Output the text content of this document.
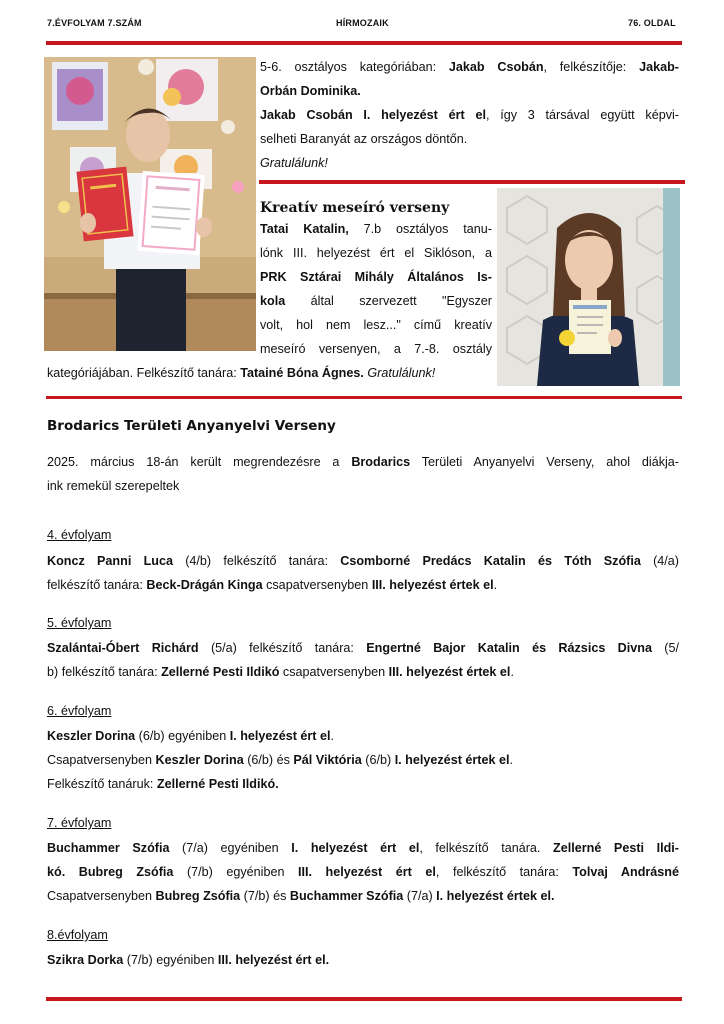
7.ÉVFOLYAM 7.SZÁM	HÍRMOZAIK	76. OLDAL

5-6. osztályos kategóriában: Jakab Csobán, felkészítője: Jakab-

Orbán Dominika.

Jakab Csobán I. helyezést ért el, így 3 társával együtt képvi-

selheti Baranyát az országos döntőn.

Gratulálunk!

Kreatív meseíró verseny

Tatai Katalin, 7.b osztályos tanu-

lónk III. helyezést ért el Siklóson, a

PRK Sztárai Mihály Általános Is-

kola által szervezett "Egyszer

volt, hol nem lesz..." című kreatív

meseíró versenyen, a 7.-8. osztály

kategóriájában. Felkészítő tanára: Tatainé Bóna Ágnes. Gratulálunk!

Brodarics Területi Anyanyelvi Verseny

2025. március 18-án került megrendezésre a Brodarics Területi Anyanyelvi Verseny, ahol diákja-

ink remekül szerepeltek

4. évfolyam

Koncz Panni Luca (4/b) felkészítő tanára: Csomborné Predács Katalin és Tóth Szófia (4/a)

felkészítő tanára: Beck-Drágán Kinga csapatversenyben III. helyezést értek el.

5. évfolyam

Szalántai-Óbert Richárd (5/a) felkészítő tanára: Engertné Bajor Katalin és Rázsics Divna (5/

b) felkészítő tanára: Zellerné Pesti Ildikó csapatversenyben III. helyezést értek el.

6. évfolyam

Keszler Dorina (6/b) egyéniben I. helyezést ért el.

Csapatversenyben Keszler Dorina (6/b) és Pál Viktória (6/b) I. helyezést értek el.

Felkészítő tanáruk: Zellerné Pesti Ildikó.

7. évfolyam

Buchammer Szófia (7/a) egyéniben I. helyezést ért el, felkészítő tanára. Zellerné Pesti Ildi-

kó. Bubreg Zsófia (7/b) egyéniben III. helyezést ért el, felkészítő tanára: Tolvaj Andrásné

Csapatversenyben Bubreg Zsófia (7/b) és Buchammer Szófia (7/a) I. helyezést értek el.

8.évfolyam

Szikra Dorka (7/b) egyéniben III. helyezést ért el.
